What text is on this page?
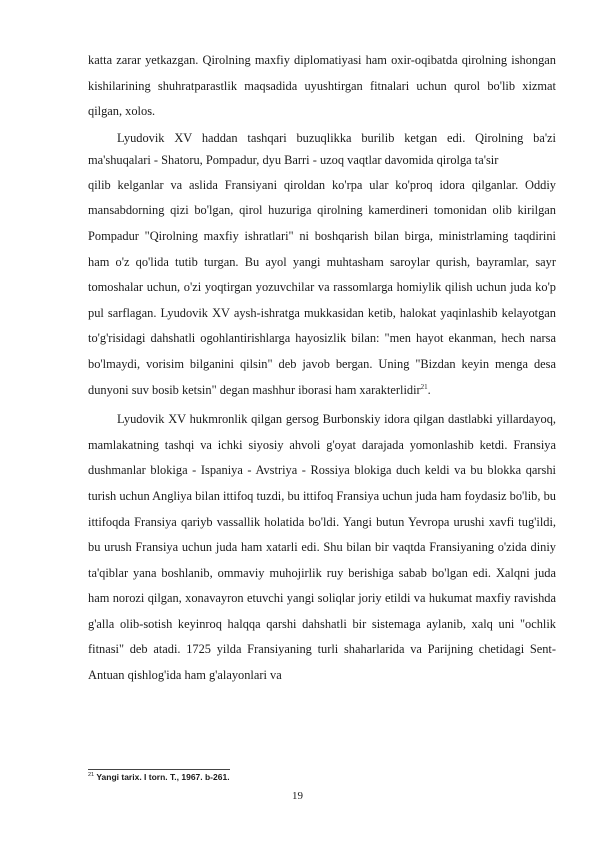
katta zarar yetkazgan. Qirolning maxfiy diplomatiyasi ham oxir-oqibatda qirolning ishongan kishilarining shuhratparastlik maqsadida uyushtirgan fitnalari uchun qurol bo'lib xizmat qilgan, xolos.

Lyudovik XV haddan tashqari buzuqlikka burilib ketgan edi. Qirolning ba'zi ma'shuqalari - Shatoru, Pompadur, dyu Barri - uzoq vaqtlar davomida qirolga ta'sir

qilib kelganlar va aslida Fransiyani qiroldan ko'rpa ular ko'proq idora qilganlar. Oddiy mansabdorning qizi bo'lgan, qirol huzuriga qirolning kamerdineri tomonidan olib kirilgan Pompadur "Qirolning maxfiy ishratlari" ni boshqarish bilan birga, ministrlaming taqdirini ham o'z qo'lida tutib turgan. Bu ayol yangi muhtasham saroylar qurish, bayramlar, sayr tomoshalar uchun, o'zi yoqtirgan yozuvchilar va rassomlarga homiylik qilish uchun juda ko'p pul sarflagan. Lyudovik XV aysh-ishratga mukkasidan ketib, halokat yaqinlashib kelayotgan to'g'risidagi dahshatli ogohlantirishlarga hayosizlik bilan: "men hayot ekanman, hech narsa bo'lmaydi, vorisim bilganini qilsin" deb javob bergan. Uning "Bizdan keyin menga desa dunyoni suv bosib ketsin" degan mashhur iborasi ham xarakterlidir$^{21}$.

Lyudovik XV hukmronlik qilgan gersog Burbonskiy idora qilgan dastlabki yillardayoq, mamlakatning tashqi va ichki siyosiy ahvoli g'oyat darajada yomonlashib ketdi. Fransiya dushmanlar blokiga - Ispaniya - Avstriya - Rossiya blokiga duch keldi va bu blokka qarshi turish uchun Angliya bilan ittifoq tuzdi, bu ittifoq Fransiya uchun juda ham foydasiz bo'lib, bu ittifoqda Fransiya qariyb vassallik holatida bo'ldi. Yangi butun Yevropa urushi xavfi tug'ildi, bu urush Fransiya uchun juda ham xatarli edi. Shu bilan bir vaqtda Fransiyaning o'zida diniy ta'qiblar yana boshlanib, ommaviy muhojirlik ruy berishiga sabab bo'lgan edi. Xalqni juda ham norozi qilgan, xonavayron etuvchi yangi soliqlar joriy etildi va hukumat maxfiy ravishda g'alla olib-sotish keyinroq halqqa qarshi dahshatli bir sistemaga aylanib, xalq uni "ochlik fitnasi" deb atadi. 1725 yilda Fransiyaning turli shaharlarida va Parijning chetidagi Sent-Antuan qishlog'ida ham g'alayonlari va

$^{21}$ Yangi tarix. I torn. T., 1967. b-261.
19
